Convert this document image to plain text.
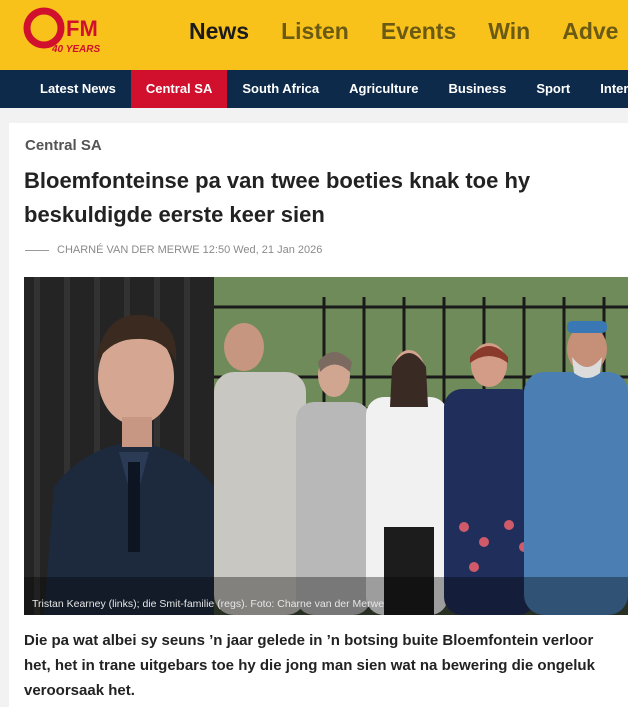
FM
40 YEARS
News Listen Events Win Adve
Latest News Central SA South Africa Agriculture Business Sport Inter
Central SA
Bloemfonteinse pa van twee boeties knak toe hy beskuldigde eerste keer sien
CHARNÉ VAN DER MERWE 12:50 Wed, 21 Jan 2026
Tristan Kearney (links); die Smit-familie (regs). Foto: Charne van der Merwe

Die pa wat albei sy seuns ’n jaar gelede in ’n botsing buite Bloemfontein verloor het, het in trane uitgebars toe hy die jong man sien wat na bewering die ongeluk veroorsaak het.
